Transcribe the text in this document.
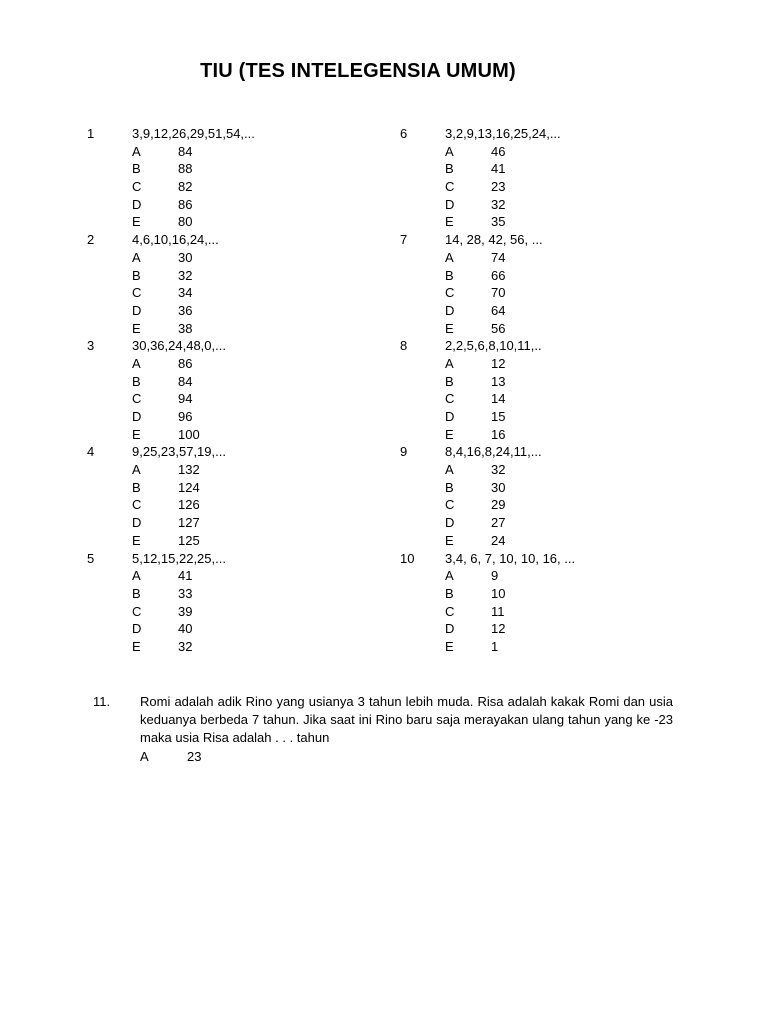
TIU (TES INTELEGENSIA UMUM)
1	3,9,12,26,29,51,54,...
A	84
B	88
C	82
D	86
E	80
2	4,6,10,16,24,...
A	30
B	32
C	34
D	36
E	38
3	30,36,24,48,0,...
A	86
B	84
C	94
D	96
E	100
4	9,25,23,57,19,...
A	132
B	124
C	126
D	127
E	125
5	5,12,15,22,25,...
A	41
B	33
C	39
D	40
E	32
6	3,2,9,13,16,25,24,...
A	46
B	41
C	23
D	32
E	35
7	14, 28, 42, 56, ...
A	74
B	66
C	70
D	64
E	56
8	2,2,5,6,8,10,11,..
A	12
B	13
C	14
D	15
E	16
9	8,4,16,8,24,11,...
A	32
B	30
C	29
D	27
E	24
10 3,4, 6, 7, 10, 10, 16, ...
A	9
B	10
C	11
D	12
E	1
11. Romi adalah adik Rino yang usianya 3 tahun lebih muda. Risa adalah kakak Romi dan usia keduanya berbeda 7 tahun. Jika saat ini Rino baru saja merayakan ulang tahun yang ke -23 maka usia Risa adalah . . . tahun
A	23
